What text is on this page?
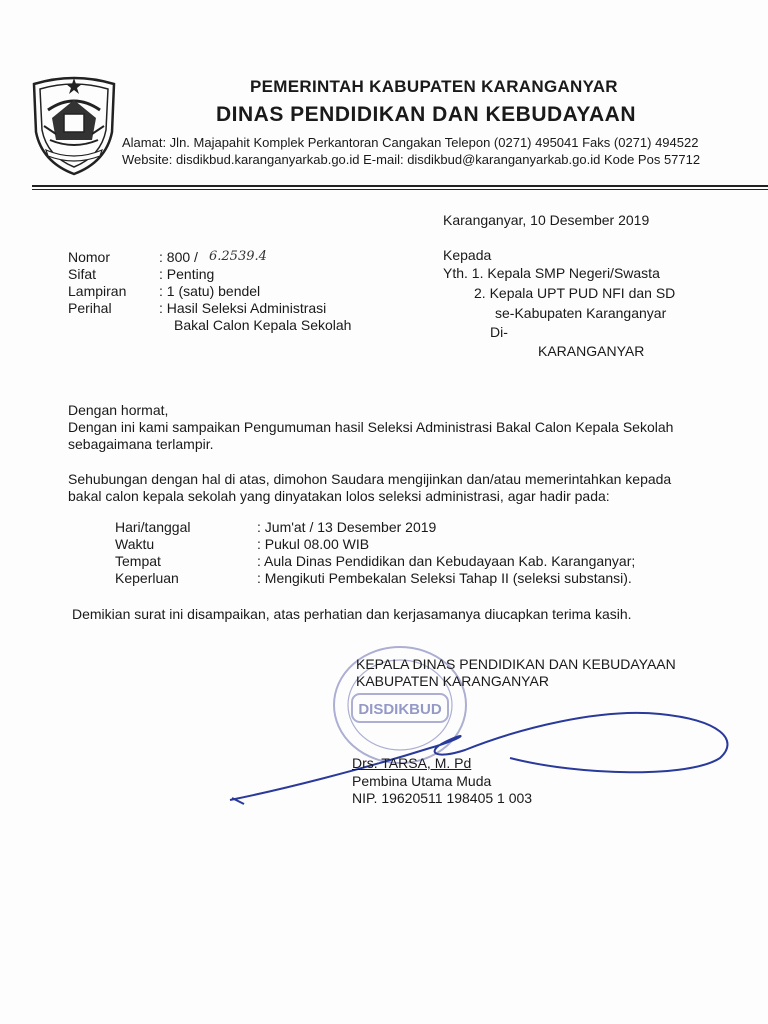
PEMERINTAH KABUPATEN KARANGANYAR
DINAS PENDIDIKAN DAN KEBUDAYAAN
Alamat: Jln. Majapahit Komplek Perkantoran Cangakan Telepon (0271) 495041 Faks (0271) 494522
Website: disdikbud.karanganyarkab.go.id E-mail: disdikbud@karanganyarkab.go.id Kode Pos 57712
Karanganyar, 10 Desember 2019
Nomor	: 800 / 6.2539.4
Sifat	: Penting
Lampiran : 1 (satu) bendel
Perihal	: Hasil Seleksi Administrasi
Bakal Calon Kepala Sekolah
Kepada
Yth. 1. Kepala SMP Negeri/Swasta
2. Kepala UPT PUD NFI dan SD
se-Kabupaten Karanganyar
Di-
KARANGANYAR
Dengan hormat,
Dengan ini kami sampaikan Pengumuman hasil Seleksi Administrasi Bakal Calon Kepala Sekolah
sebagaimana terlampir.
Sehubungan dengan hal di atas, dimohon Saudara mengijinkan dan/atau memerintahkan kepada
bakal calon kepala sekolah yang dinyatakan lolos seleksi administrasi, agar hadir pada:
Hari/tanggal	: Jum'at / 13 Desember 2019
Waktu	: Pukul 08.00 WIB
Tempat	: Aula Dinas Pendidikan dan Kebudayaan Kab. Karanganyar;
Keperluan	: Mengikuti Pembekalan Seleksi Tahap II (seleksi substansi).
Demikian surat ini disampaikan, atas perhatian dan kerjasamanya diucapkan terima kasih.
DISDIKBUD
KEPALA DINAS PENDIDIKAN DAN KEBUDAYAAN
KABUPATEN KARANGANYAR
Drs. TARSA, M. Pd
Pembina Utama Muda
NIP. 19620511 198405 1 003
